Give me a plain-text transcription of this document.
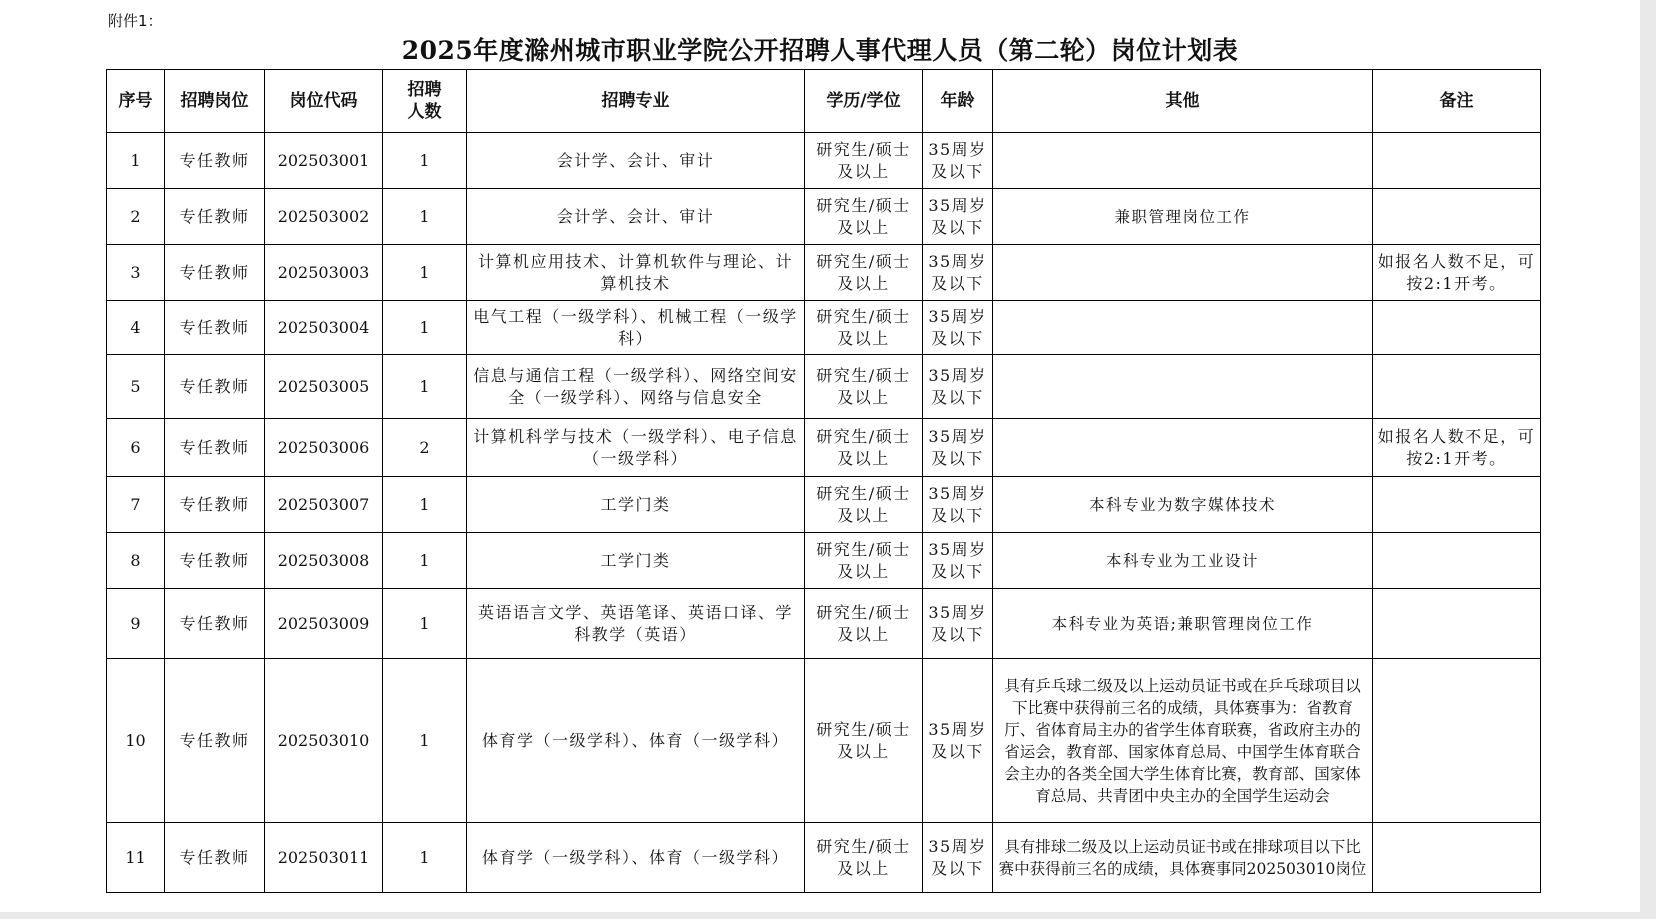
附件1：
2025年度滁州城市职业学院公开招聘人事代理人员（第二轮）岗位计划表
序号	招聘岗位	岗位代码	招聘人数	招聘专业	学历/学位	年龄	其他	备注
1	专任教师	202503001	1	会计学、会计、审计	研究生/硕士及以上	35周岁及以下		
2	专任教师	202503002	1	会计学、会计、审计	研究生/硕士及以上	35周岁及以下	兼职管理岗位工作	
3	专任教师	202503003	1	计算机应用技术、计算机软件与理论、计算机技术	研究生/硕士及以上	35周岁及以下		如报名人数不足，可按2:1开考。
4	专任教师	202503004	1	电气工程（一级学科）、机械工程（一级学科）	研究生/硕士及以上	35周岁及以下		
5	专任教师	202503005	1	信息与通信工程（一级学科）、网络空间安全（一级学科）、网络与信息安全	研究生/硕士及以上	35周岁及以下		
6	专任教师	202503006	2	计算机科学与技术（一级学科）、电子信息（一级学科）	研究生/硕士及以上	35周岁及以下		如报名人数不足，可按2:1开考。
7	专任教师	202503007	1	工学门类	研究生/硕士及以上	35周岁及以下	本科专业为数字媒体技术	
8	专任教师	202503008	1	工学门类	研究生/硕士及以上	35周岁及以下	本科专业为工业设计	
9	专任教师	202503009	1	英语语言文学、英语笔译、英语口译、学科教学（英语）	研究生/硕士及以上	35周岁及以下	本科专业为英语;兼职管理岗位工作	
10	专任教师	202503010	1	体育学（一级学科）、体育（一级学科）	研究生/硕士及以上	35周岁及以下	具有乒乓球二级及以上运动员证书或在乒乓球项目以下比赛中获得前三名的成绩，具体赛事为：省教育厅、省体育局主办的省学生体育联赛，省政府主办的省运会，教育部、国家体育总局、中国学生体育联合会主办的各类全国大学生体育比赛，教育部、国家体育总局、共青团中央主办的全国学生运动会	
11	专任教师	202503011	1	体育学（一级学科）、体育（一级学科）	研究生/硕士及以上	35周岁及以下	具有排球二级及以上运动员证书或在排球项目以下比赛中获得前三名的成绩，具体赛事同202503010岗位	
